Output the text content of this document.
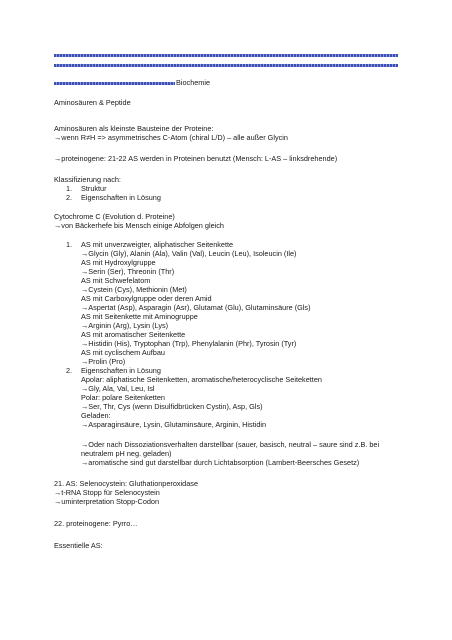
Biochemie
Aminosäuren & Peptide
Aminosäuren als kleinste Bausteine der Proteine:
→wenn R≠H => asymmetrisches C-Atom (chiral L/D) – alle außer Glycin
→proteinogene: 21-22 AS werden in Proteinen benutzt (Mensch: L-AS – linksdrehende)
Klassifizierung nach:
1. Struktur
2. Eigenschaften in Lösung
Cytochrome C (Evolution d. Proteine)
→von Bäckerhefe bis Mensch einige Abfolgen gleich
1. AS mit unverzweigter, aliphatischer Seitenkette
→Glycin (Gly), Alanin (Ala), Valin (Val), Leucin (Leu), Isoleucin (Ile)
AS mit Hydroxylgruppe
→Serin (Ser), Threonin (Thr)
AS mit Schwefelatom
→Cystein (Cys), Methionin (Met)
AS mit Carboxylgruppe oder deren Amid
→Aspertat (Asp), Asparagin (Asr), Glutamat (Glu), Glutaminsäure (Gls)
AS mit Seitenkette mit Aminogruppe
→Arginin (Arg), Lysin (Lys)
AS mit aromatischer Seitenkette
→Histidin (His), Tryptophan (Trp), Phenylalanin (Phr), Tyrosin (Tyr)
AS mit cyclischem Aufbau
→Prolin (Pro)
2. Eigenschaften in Lösung
Apolar: aliphatische Seitenketten, aromatische/heterocyclische Seiteketten
→Gly, Ala, Val, Leu, Isl
Polar: polare Seitenketten
→Ser, Thr, Cys (wenn Disulfidbrücken Cystin), Asp, Gls)
Geladen:
→Asparaginsäure, Lysin, Glutaminsäure, Arginin, Histidin
→Oder nach Dissoziationsverhalten darstellbar (sauer, basisch, neutral – saure sind z.B. bei
neutralem pH neg. geladen)
→aromatische sind gut darstellbar durch Lichtabsorption (Lambert-Beersches Gesetz)
21. AS: Selenocystein: Gluthationperoxidase
→t-RNA Stopp für Selenocystein
→uminterpretation Stopp-Codon
22. proteinogene: Pyrro…
Essentielle AS:
